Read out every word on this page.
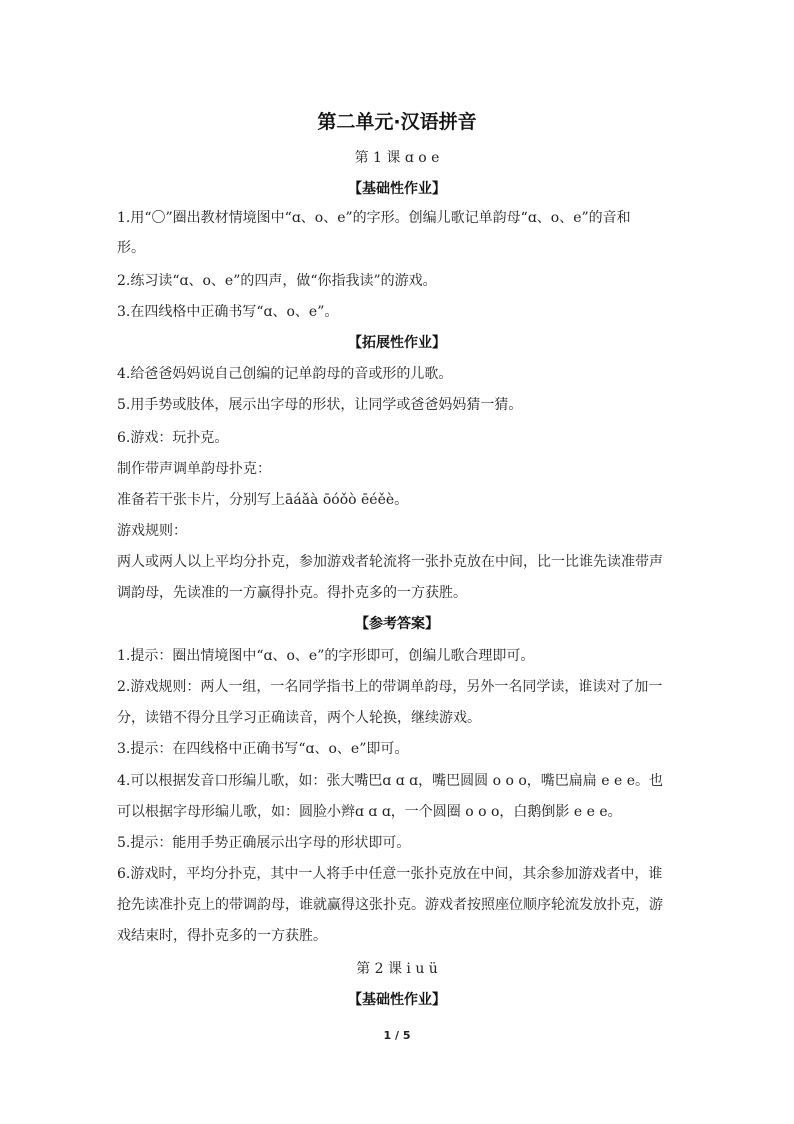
第二单元·汉语拼音
第 1 课 ɑ o e
【基础性作业】
1.用“〇”圈出教材情境图中“ɑ、o、e”的字形。创编儿歌记单韵母“ɑ、o、e”的音和
形。
2.练习读“ɑ、o、e”的四声，做“你指我读”的游戏。
3.在四线格中正确书写“ɑ、o、e”。
【拓展性作业】
4.给爸爸妈妈说自己创编的记单韵母的音或形的儿歌。
5.用手势或肢体，展示出字母的形状，让同学或爸爸妈妈猜一猜。
6.游戏：玩扑克。
制作带声调单韵母扑克：
准备若干张卡片，分别写上āáǎà ōóǒò ēéěè。
游戏规则：
两人或两人以上平均分扑克，参加游戏者轮流将一张扑克放在中间，比一比谁先读准带声
调韵母，先读准的一方赢得扑克。得扑克多的一方获胜。
【参考答案】
1.提示：圈出情境图中“ɑ、o、e”的字形即可，创编儿歌合理即可。
2.游戏规则：两人一组，一名同学指书上的带调单韵母，另外一名同学读，谁读对了加一
分，读错不得分且学习正确读音，两个人轮换，继续游戏。
3.提示：在四线格中正确书写“ɑ、o、e”即可。
4.可以根据发音口形编儿歌，如：张大嘴巴ɑ ɑ ɑ，嘴巴圆圆 o o o，嘴巴扁扁 e e e。也
可以根据字母形编儿歌，如：圆脸小辫ɑ ɑ ɑ，一个圆圈 o o o，白鹅倒影 e e e。
5.提示：能用手势正确展示出字母的形状即可。
6.游戏时，平均分扑克，其中一人将手中任意一张扑克放在中间，其余参加游戏者中，谁
抢先读准扑克上的带调韵母，谁就赢得这张扑克。游戏者按照座位顺序轮流发放扑克，游
戏结束时，得扑克多的一方获胜。
第 2 课 i u ü
【基础性作业】
1 / 5
